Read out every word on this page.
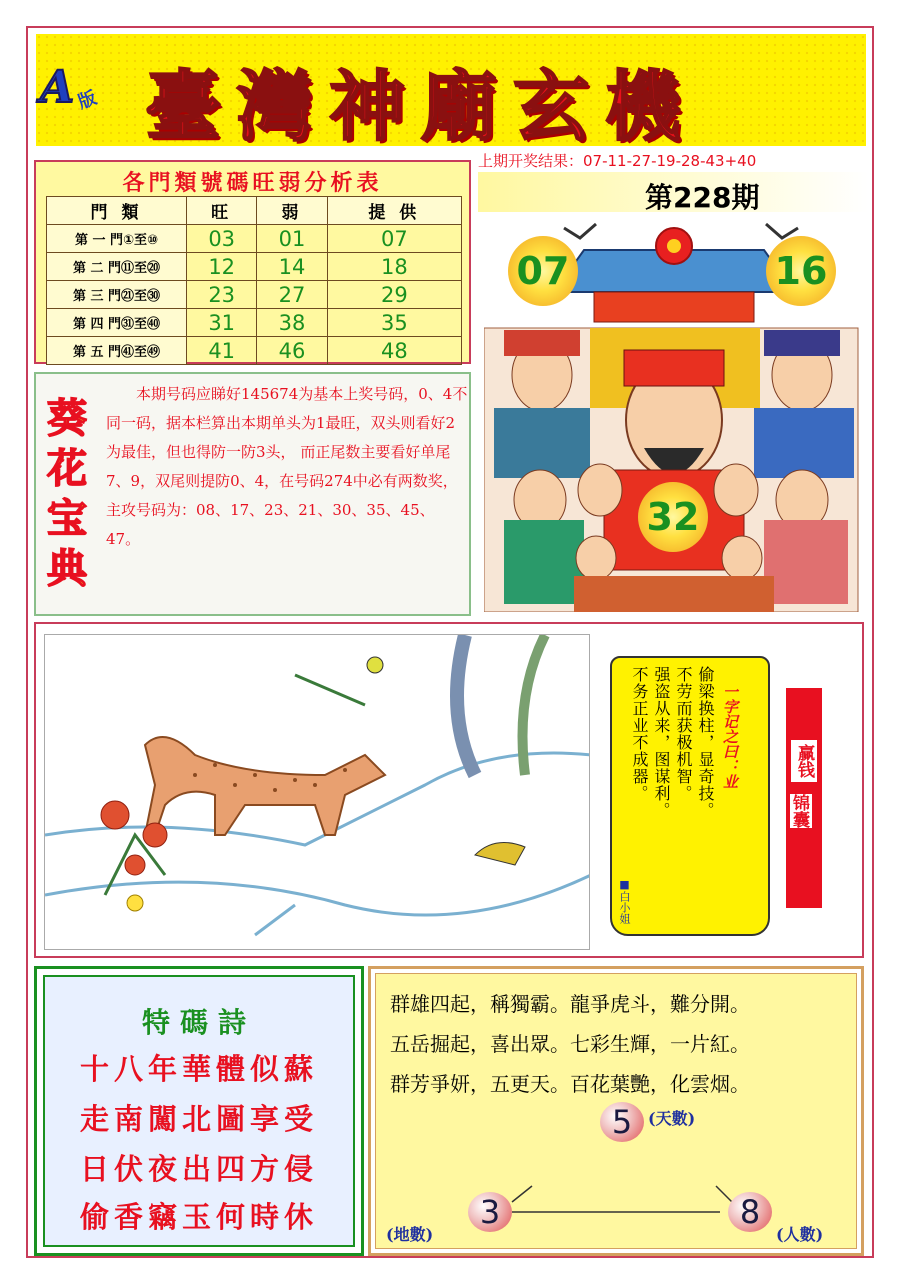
A 版 臺灣神廟玄機
上期开奖结果：07-11-27-19-28-43+40
第228期
各門類號碼旺弱分析表
門 類	旺	弱	提 供
第 一 門①至⑩	03	01	07
第 二 門⑪至⑳	12	14	18
第 三 門㉑至㉚	23	27	29
第 四 門㉛至㊵	31	38	35
第 五 門㊶至㊾	41	46	48
葵花宝典
本期号码应睇好145674为基本上奖号码，0、4不同一码，据本栏算出本期单头为1最旺，双头则看好2为最佳，但也得防一防3头， 而正尾数主要看好单尾7、9，双尾则提防0、4，在号码274中必有两数奖，主攻号码为：08、17、23、21、30、35、45、47。
07	16
32
一字记之曰：业
偷梁换柱，显奇技。
不劳而获极机智。
强盗从来，图谋利。
不务正业不成器。
■白小姐
赢钱
锦囊
特碼詩
十八年華體似蘇
走南闖北圖享受
日伏夜出四方侵
偷香竊玉何時休
群雄四起，稱獨霸。龍爭虎斗，難分開。
五岳掘起，喜出眾。七彩生輝，一片紅。
群芳爭妍，五更天。百花葉艷，化雲烟。
5 (天數)
3
(地數)
8
(人數)
